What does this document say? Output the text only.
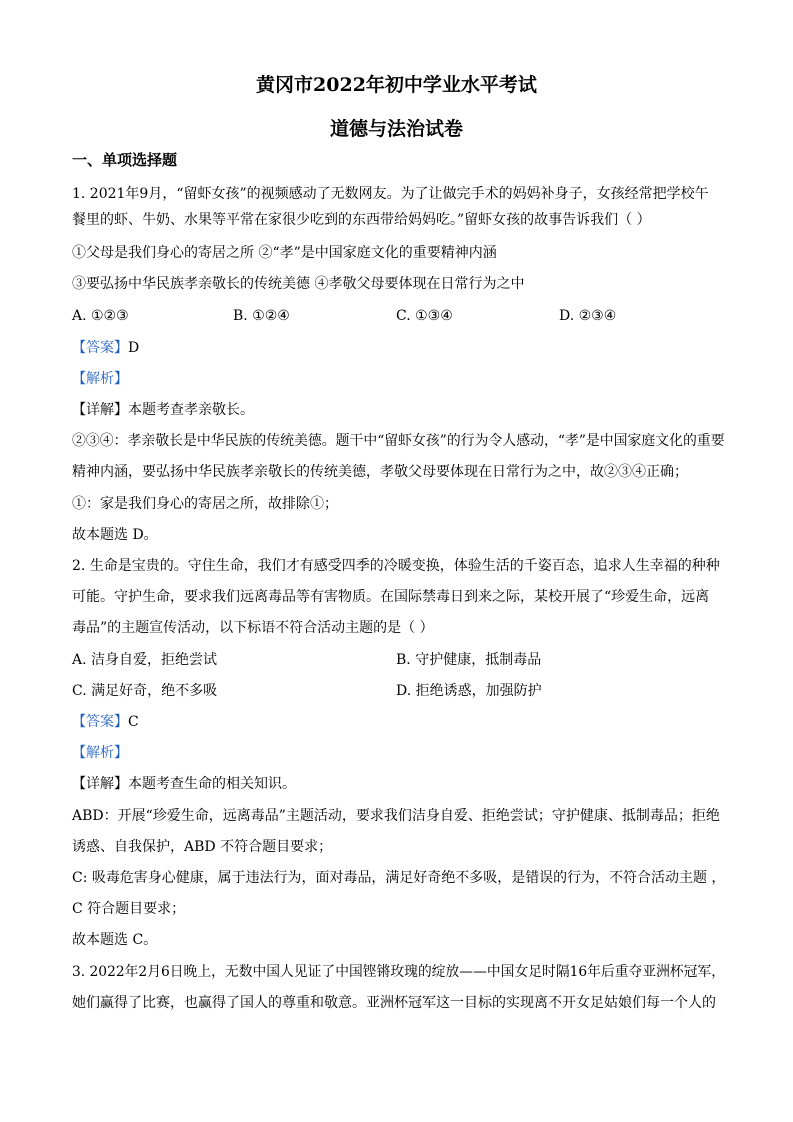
黄冈市2022年初中学业水平考试
道德与法治试卷
一、单项选择题
1. 2021年9月，“留虾女孩”的视频感动了无数网友。为了让做完手术的妈妈补身子，女孩经常把学校午
餐里的虾、牛奶、水果等平常在家很少吃到的东西带给妈妈吃。”留虾女孩的故事告诉我们（ ）
①父母是我们身心的寄居之所 ②“孝”是中国家庭文化的重要精神内涵
③要弘扬中华民族孝亲敬长的传统美德 ④孝敬父母要体现在日常行为之中
A. ①②③	B. ①②④	C. ①③④	D. ②③④
【答案】D
【解析】
【详解】本题考查孝亲敬长。
②③④：孝亲敬长是中华民族的传统美德。题干中“留虾女孩”的行为令人感动，“孝”是中国家庭文化的重要
精神内涵，要弘扬中华民族孝亲敬长的传统美德，孝敬父母要体现在日常行为之中，故②③④正确；
①：家是我们身心的寄居之所，故排除①；
故本题选 D。
2. 生命是宝贵的。守住生命，我们才有感受四季的冷暖变换，体验生活的千姿百态，追求人生幸福的种种
可能。守护生命，要求我们远离毒品等有害物质。在国际禁毒日到来之际，某校开展了“珍爱生命，远离
毒品”的主题宣传活动，以下标语不符合活动主题的是（ ）
A. 洁身自爱，拒绝尝试	B. 守护健康，抵制毒品
C. 满足好奇，绝不多吸	D. 拒绝诱惑，加强防护
【答案】C
【解析】
【详解】本题考查生命的相关知识。
ABD：开展“珍爱生命，远离毒品”主题活动，要求我们洁身自爱、拒绝尝试；守护健康、抵制毒品；拒绝
诱惑、自我保护，ABD 不符合题目要求；
C: 吸毒危害身心健康，属于违法行为，面对毒品，满足好奇绝不多吸，是错误的行为，不符合活动主题 ，
C 符合题目要求；
故本题选 C。
3. 2022年2月6日晚上，无数中国人见证了中国铿锵玫瑰的绽放——中国女足时隔16年后重夺亚洲杯冠军，
她们赢得了比赛，也赢得了国人的尊重和敬意。亚洲杯冠军这一目标的实现离不开女足姑娘们每一个人的
